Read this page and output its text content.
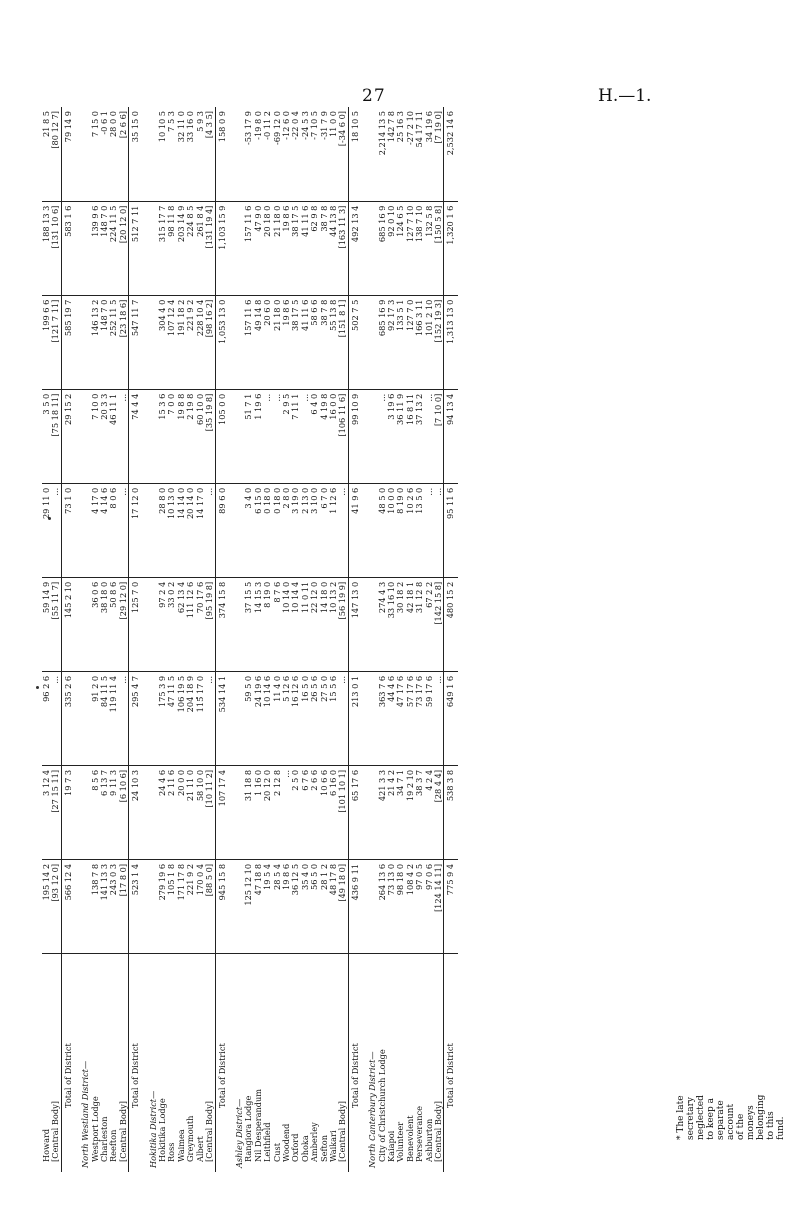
27	H.—1.
Howard	195 14 2	3 12 4	96 2 6	59 14 9	29 11 0	3 5 0	199 6 6	188 13 3	21 8 5
[Central Body]	[93 12 0]	[27 15 11]	...	[55 11 7]	...	[75 18 11]	[121 7 11]	[131 10 6]	[80 12 7]
Total of District	566 12 4	19 7 3	335 2 6	145 2 10	73 1 0	29 15 2	585 19 7	583 1 6	79 14 9
North Westland District—									
Westport Lodge	138 7 8	8 5 6	91 2 0	36 0 6	4 17 0	7 10 0	146 13 2	139 9 6	7 15 0
Charleston	141 13 3	6 13 7	84 11 5	38 18 0	4 14 6	20 3 3	148 7 0	148 7 0	-0 6 1
Reefton	243 0 3	9 11 3	119 11 4	50 8 6	8 0 6	46 11 1	252 11 5	224 11 5	28 0 0
[Central Body]	[17 8 0]	[6 10 6]	...	[29 12 0]	...	...	[23 18 6]	[20 12 0]	[2 6 6]
Total of District	523 1 4	24 10 3	295 4 7	125 7 0	17 12 0	74 4 4	547 11 7	512 7 11	35 15 0
Hokitika District—									
Hokitika Lodge	279 19 6	24 4 6	175 3 9	97 2 4	28 8 0	15 3 6	304 4 0	315 17 7	10 10 5
Ross	105 1 8	2 11 6	47 11 5	33 0 2	10 13 0	7 0 0	107 12 4	98 11 8	7 5 3
Waimea	171 17 8	20 0 0	106 19 5	62 13 4	14 14 0	19 8 8	191 18 2	203 14 9	32 11 0
Greymouth	221 9 2	21 11 0	204 18 9	111 12 6	20 14 0	2 19 8	221 9 2	224 8 5	33 16 0
Albert	170 0 4	58 10 0	115 17 0	70 17 6	14 17 0	60 10 0	228 10 4	261 8 4	5 9 3
[Central Body]	[88 5 0]	[10 11 2]	...	[95 19 8]	...	[35 19 8]	[98 16 2]	[131 19 4]	[4 3 5]
Total of District	945 15 8	107 17 4	534 14 1	374 15 8	89 6 0	105 0 0	1,053 13 0	1,103 15 9	158 0 9
Ashley District—									
Rangiora Lodge	125 12 10	31 18 8	59 5 0	37 15 5	3 4 0	51 7 1	157 11 6	157 11 6	-53 17 9
Nil Desperandum	47 18 8	1 16 0	24 19 6	14 15 3	6 15 0	1 19 6	49 14 8	47 9 0	-19 8 0
Leithfield	19 5 4	20 12 0	10 14 6	8 19 0	0 18 0	...	20 6 0	20 18 0	-0 11 2
Cust	28 5 4	2 12 8	11 4 0	8 7 6	0 18 0	...	21 18 0	21 18 0	-69 12 0
Woodend	19 8 6	...	5 12 6	10 14 0	2 8 0	2 9 5	19 8 6	19 8 6	-12 6 0
Oxford	36 12 5	2 5 0	16 12 6	10 14 4	3 19 0	7 11 1	38 17 5	38 17 5	-22 0 4
Ohoka	35 4 0	6 7 6	16 5 0	11 0 11	2 13 0	...	41 11 6	41 11 6	-24 5 3
Amberley	56 5 0	2 6 6	26 5 6	22 12 0	3 10 0	6 4 0	58 6 6	62 9 8	-7 10 5
Sefton	28 1 2	10 6 6	27 5 0	14 18 0	6 7 0	4 19 8	38 7 8	38 7 8	-31 7 9
Waikari	48 17 8	6 16 0	15 5 6	10 13 2	1 12 6	16 0 0	55 13 8	44 13 8	11 0 0
[Central Body]	[49 18 0]	[101 10 1]	...	[56 19 9]	...	[106 11 6]	[151 8 1]	[163 11 3]	[-34 6 0]
Total of District	436 9 11	65 17 6	213 0 1	147 13 0	41 9 6	99 10 9	502 7 5	492 13 4	18 10 5
North Canterbury District—									
City of Christchurch Lodge	264 13 6	421 3 3	363 7 6	274 4 3	48 5 0	...	685 16 9	685 16 9	2,214 13 5
Kaiapoi	73 13 0	21 4 2	44 4 6	33 16 10	10 0 0	3 19 6	92 17 3	92 0 10	142 7 8
Volunteer	98 18 0	34 7 1	47 17 6	30 18 2	8 19 0	36 11 9	133 5 1	124 6 5	25 16 3
Benevolent	108 4 2	19 2 10	57 17 6	42 18 1	10 2 6	16 8 11	127 7 0	127 7 10	-27 2 10
Perseverance	97 0 5	38 3 7	73 17 6	31 12 8	13 5 0	37 13 2	166 3 11	138 7 10	54 17 11
Ashburton	97 0 6	4 2 4	59 17 6	67 2 2	...	...	101 2 10	132 5 8	34 19 6
[Central Body]	[124 14 11]	[28 4 4]	...	[142 15 8]	...	[7 10 0]	[152 19 3]	[150 5 8]	[7 19 0]
Total of District	775 9 4	538 3 8	649 1 6	480 15 2	95 11 6	94 13 4	1,313 13 0	1,320 1 6	2,532 14 6
* The late secretary neglected to keep a separate account of the moneys belonging to this fund.
